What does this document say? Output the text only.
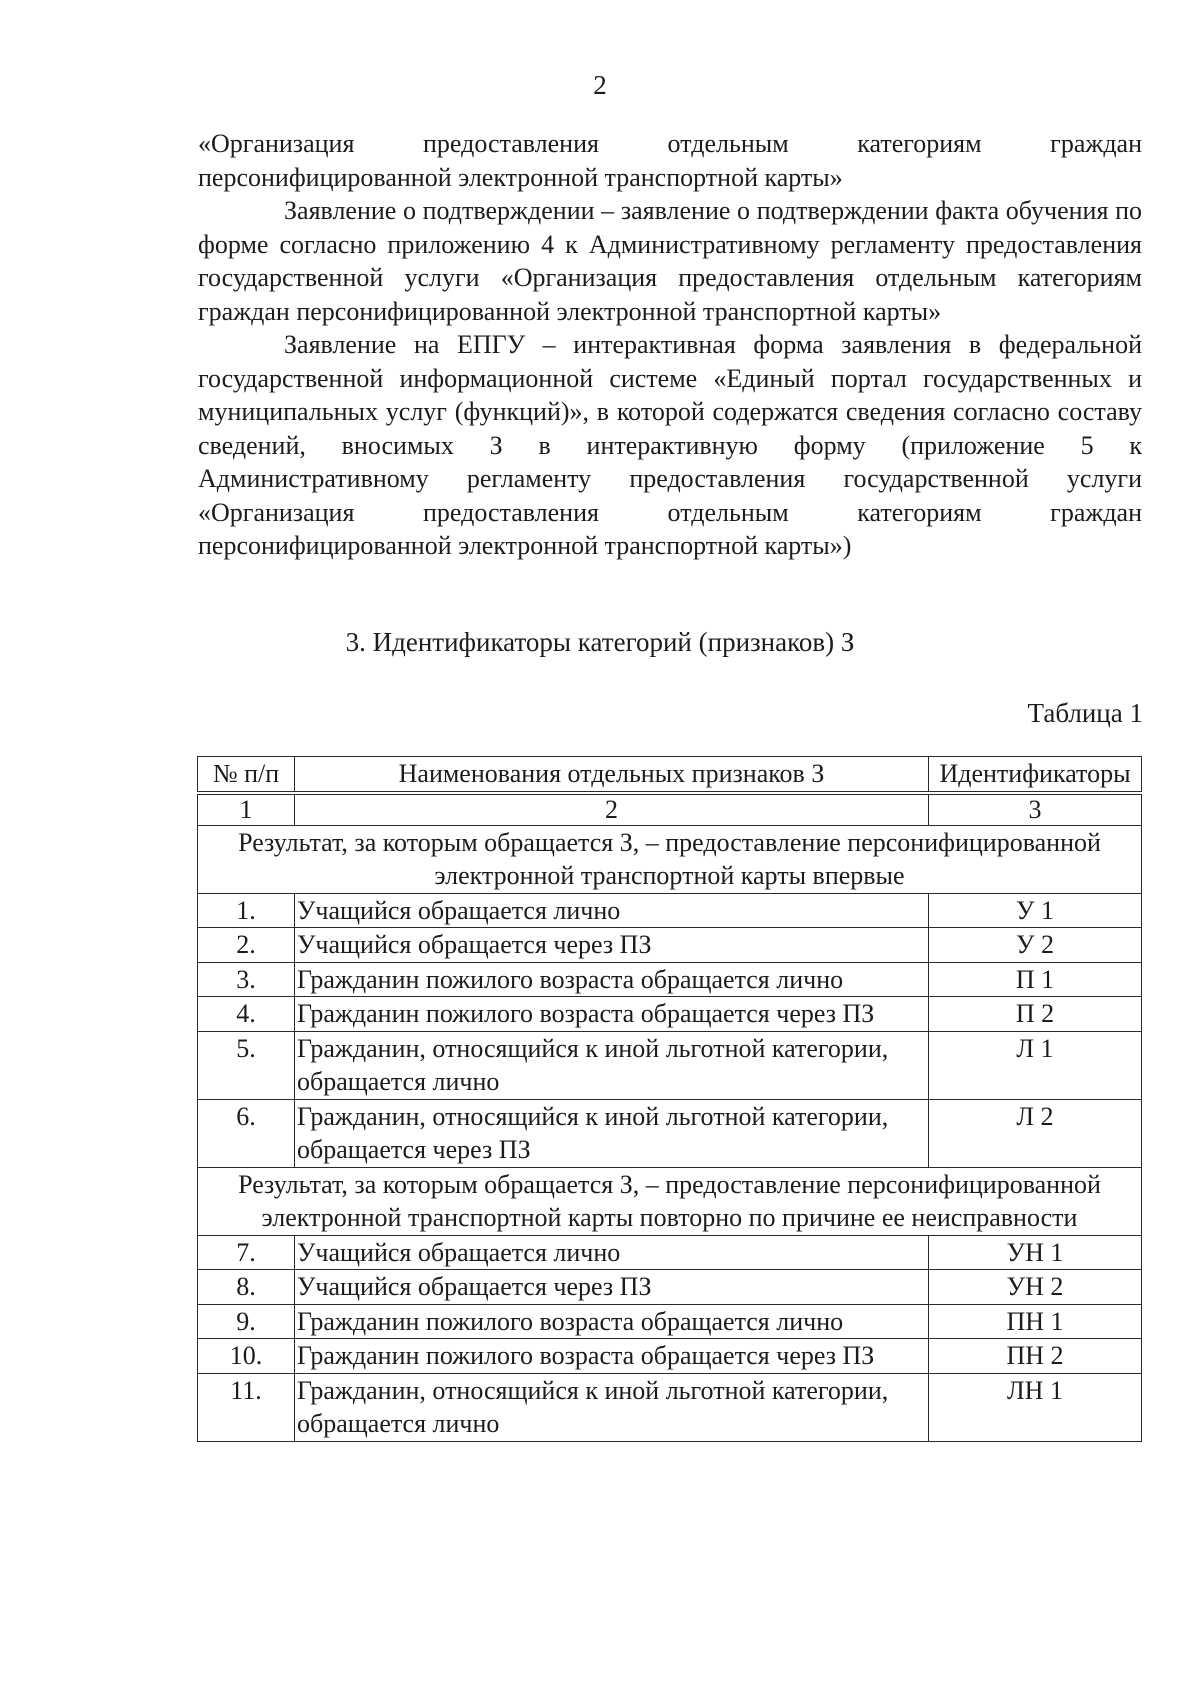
2

«Организация предоставления отдельным категориям граждан персонифицированной электронной транспортной карты»

Заявление о подтверждении – заявление о подтверждении факта обучения по форме согласно приложению 4 к Административному регламенту предоставления государственной услуги «Организация предоставления отдельным категориям граждан персонифицированной электронной транспортной карты»

Заявление на ЕПГУ – интерактивная форма заявления в федеральной государственной информационной системе «Единый портал государственных и муниципальных услуг (функций)», в которой содержатся сведения согласно составу сведений, вносимых З в интерактивную форму (приложение 5 к Административному регламенту предоставления государственной услуги «Организация предоставления отдельным категориям граждан персонифицированной электронной транспортной карты»)

3. Идентификаторы категорий (признаков) З
Таблица 1
№ п/п	Наименования отдельных признаков З	Идентификаторы
1	2	3
Результат, за которым обращается З, – предоставление персонифицированной электронной транспортной карты впервые		
1.	Учащийся обращается лично	У 1
2.	Учащийся обращается через ПЗ	У 2
3.	Гражданин пожилого возраста обращается лично	П 1
4.	Гражданин пожилого возраста обращается через ПЗ	П 2
5.	Гражданин, относящийся к иной льготной категории, обращается лично	Л 1
6.	Гражданин, относящийся к иной льготной категории, обращается через ПЗ	Л 2
Результат, за которым обращается З, – предоставление персонифицированной электронной транспортной карты повторно по причине ее неисправности		
7.	Учащийся обращается лично	УН 1
8.	Учащийся обращается через ПЗ	УН 2
9.	Гражданин пожилого возраста обращается лично	ПН 1
10.	Гражданин пожилого возраста обращается через ПЗ	ПН 2
11.	Гражданин, относящийся к иной льготной категории, обращается лично	ЛН 1
